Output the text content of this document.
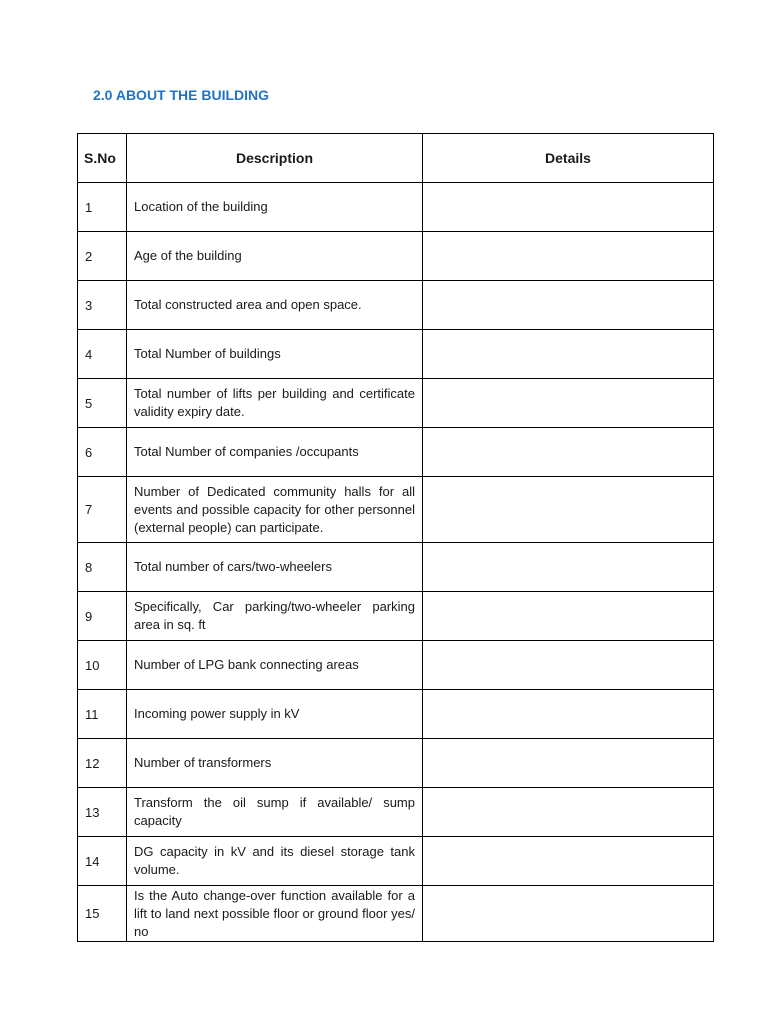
2.0 ABOUT THE BUILDING
S.No	Description	Details
1	Location of the building	
2	Age of the building	
3	Total constructed area and open space.	
4	Total Number of buildings	
5	Total number of lifts per building and certificate validity expiry date.	
6	Total Number of companies /occupants	
7	Number of Dedicated community halls for all events and possible capacity for other personnel (external people) can participate.	
8	Total number of cars/two-wheelers	
9	Specifically, Car parking/two-wheeler parking area in sq. ft	
10	Number of LPG bank connecting areas	
11	Incoming power supply in kV	
12	Number of transformers	
13	Transform the oil sump if available/ sump capacity	
14	DG capacity in kV and its diesel storage tank volume.	
15	Is the Auto change-over function available for a lift to land next possible floor or ground floor yes/ no	
